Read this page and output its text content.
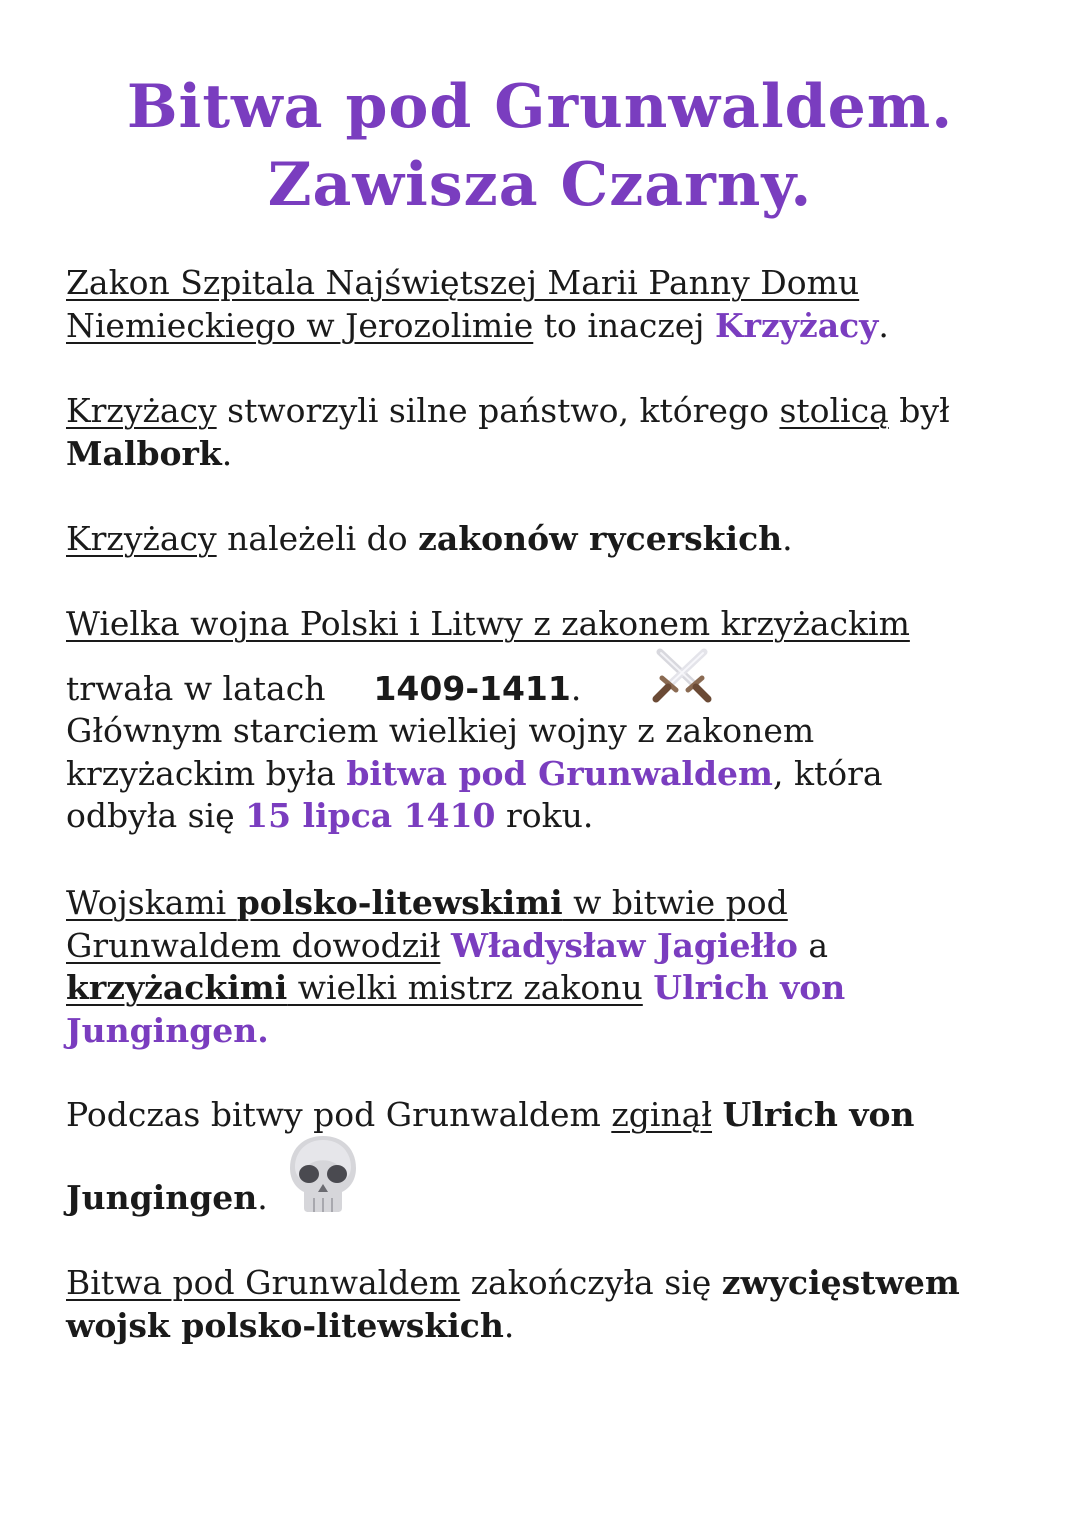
Bitwa pod Grunwaldem.
Zawisza Czarny.
Zakon Szpitala Najświętszej Marii Panny Domu
Niemieckiego w Jerozolimie to inaczej Krzyżacy.
Krzyżacy stworzyli silne państwo, którego stolicą był
Malbork.
Krzyżacy należeli do zakonów rycerskich.
Wielka wojna Polski i Litwy z zakonem krzyżackim
trwała w latach 1409-1411.
Głównym starciem wielkiej wojny z zakonem
krzyżackim była bitwa pod Grunwaldem, która
odbyła się 15 lipca 1410 roku.
Wojskami polsko-litewskimi w bitwie pod
Grunwaldem dowodził Władysław Jagiełło a
krzyżackimi wielki mistrz zakonu Ulrich von
Jungingen.
Podczas bitwy pod Grunwaldem zginął Ulrich von
Jungingen.
Bitwa pod Grunwaldem zakończyła się zwycięstwem
wojsk polsko-litewskich.
